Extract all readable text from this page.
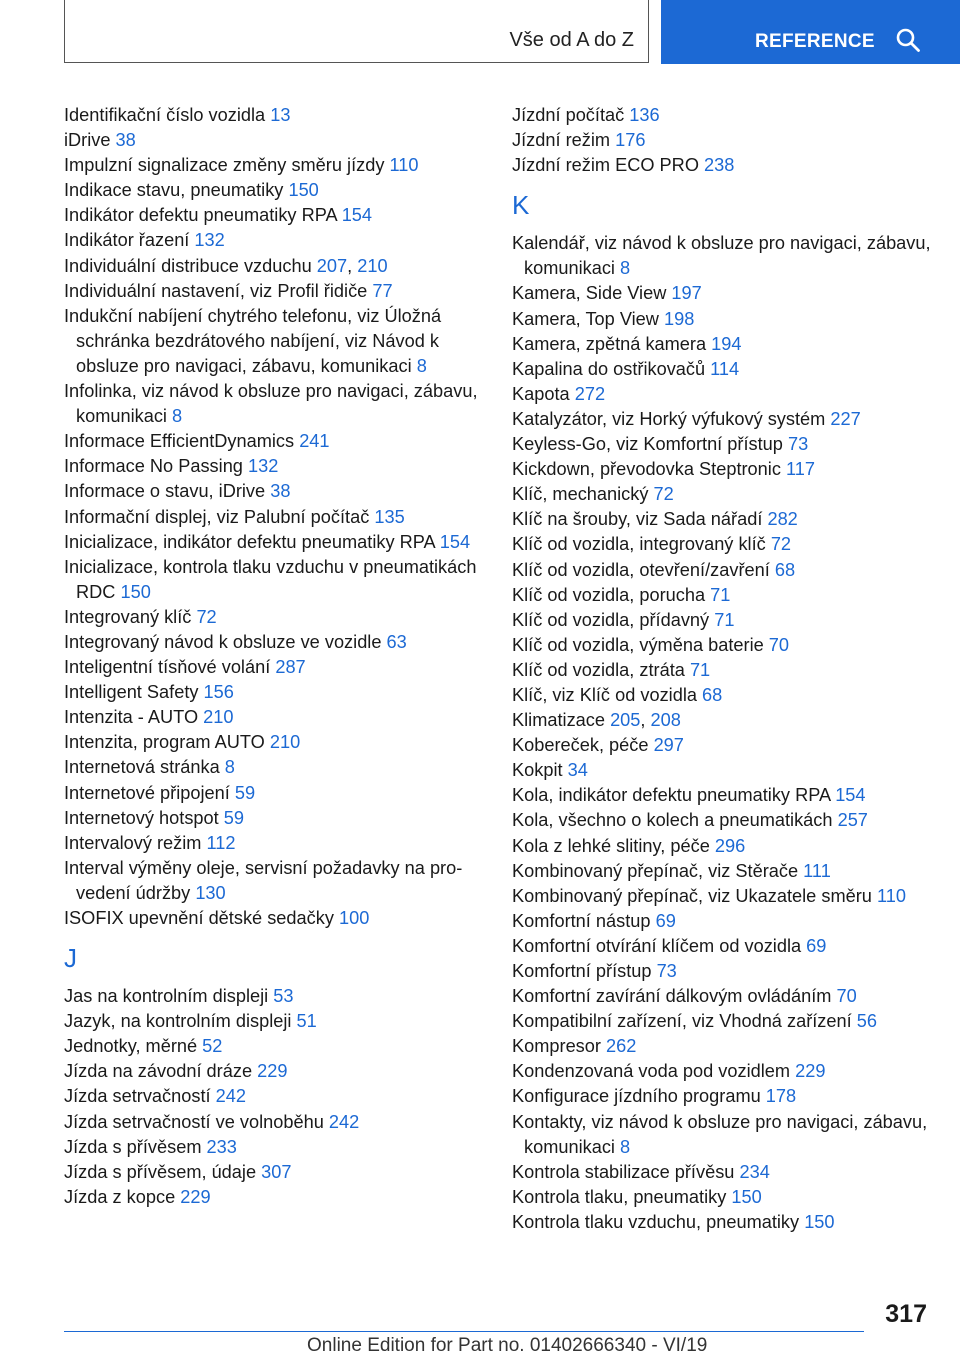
Vše od A do Z	REFERENCE
Identifikační číslo vozidla 13
iDrive 38
Impulzní signalizace změny směru jízdy 110
Indikace stavu, pneumatiky 150
Indikátor defektu pneumatiky RPA 154
Indikátor řazení 132
Individuální distribuce vzduchu 207, 210
Individuální nastavení, viz Profil řidiče 77
Indukční nabíjení chytrého telefonu, viz Úložná schránka bezdrátového nabíjení, viz Návod k obsluze pro navigaci, zábavu, komunikaci 8
Infolinka, viz návod k obsluze pro navigaci, zábavu, komunikaci 8
Informace EfficientDynamics 241
Informace No Passing 132
Informace o stavu, iDrive 38
Informační displej, viz Palubní počítač 135
Inicializace, indikátor defektu pneumatiky RPA 154
Inicializace, kontrola tlaku vzduchu v pneumatikách RDC 150
Integrovaný klíč 72
Integrovaný návod k obsluze ve vozidle 63
Inteligentní tísňové volání 287
Intelligent Safety 156
Intenzita - AUTO 210
Intenzita, program AUTO 210
Internetová stránka 8
Internetové připojení 59
Internetový hotspot 59
Intervalový režim 112
Interval výměny oleje, servisní požadavky na provedení údržby 130
ISOFIX upevnění dětské sedačky 100
J
Jas na kontrolním displeji 53
Jazyk, na kontrolním displeji 51
Jednotky, měrné 52
Jízda na závodní dráze 229
Jízda setrvačností 242
Jízda setrvačností ve volnoběhu 242
Jízda s přívěsem 233
Jízda s přívěsem, údaje 307
Jízda z kopce 229
Jízdní počítač 136
Jízdní režim 176
Jízdní režim ECO PRO 238
K
Kalendář, viz návod k obsluze pro navigaci, zábavu, komunikaci 8
Kamera, Side View 197
Kamera, Top View 198
Kamera, zpětná kamera 194
Kapalina do ostřikovačů 114
Kapota 272
Katalyzátor, viz Horký výfukový systém 227
Keyless-Go, viz Komfortní přístup 73
Kickdown, převodovka Steptronic 117
Klíč, mechanický 72
Klíč na šrouby, viz Sada nářadí 282
Klíč od vozidla, integrovaný klíč 72
Klíč od vozidla, otevření/zavření 68
Klíč od vozidla, porucha 71
Klíč od vozidla, přídavný 71
Klíč od vozidla, výměna baterie 70
Klíč od vozidla, ztráta 71
Klíč, viz Klíč od vozidla 68
Klimatizace 205, 208
Kobereček, péče 297
Kokpit 34
Kola, indikátor defektu pneumatiky RPA 154
Kola, všechno o kolech a pneumatikách 257
Kola z lehké slitiny, péče 296
Kombinovaný přepínač, viz Stěrače 111
Kombinovaný přepínač, viz Ukazatele směru 110
Komfortní nástup 69
Komfortní otvírání klíčem od vozidla 69
Komfortní přístup 73
Komfortní zavírání dálkovým ovládáním 70
Kompatibilní zařízení, viz Vhodná zařízení 56
Kompresor 262
Kondenzovaná voda pod vozidlem 229
Konfigurace jízdního programu 178
Kontakty, viz návod k obsluze pro navigaci, zábavu, komunikaci 8
Kontrola stabilizace přívěsu 234
Kontrola tlaku, pneumatiky 150
Kontrola tlaku vzduchu, pneumatiky 150
317
Online Edition for Part no. 01402666340 - VI/19
